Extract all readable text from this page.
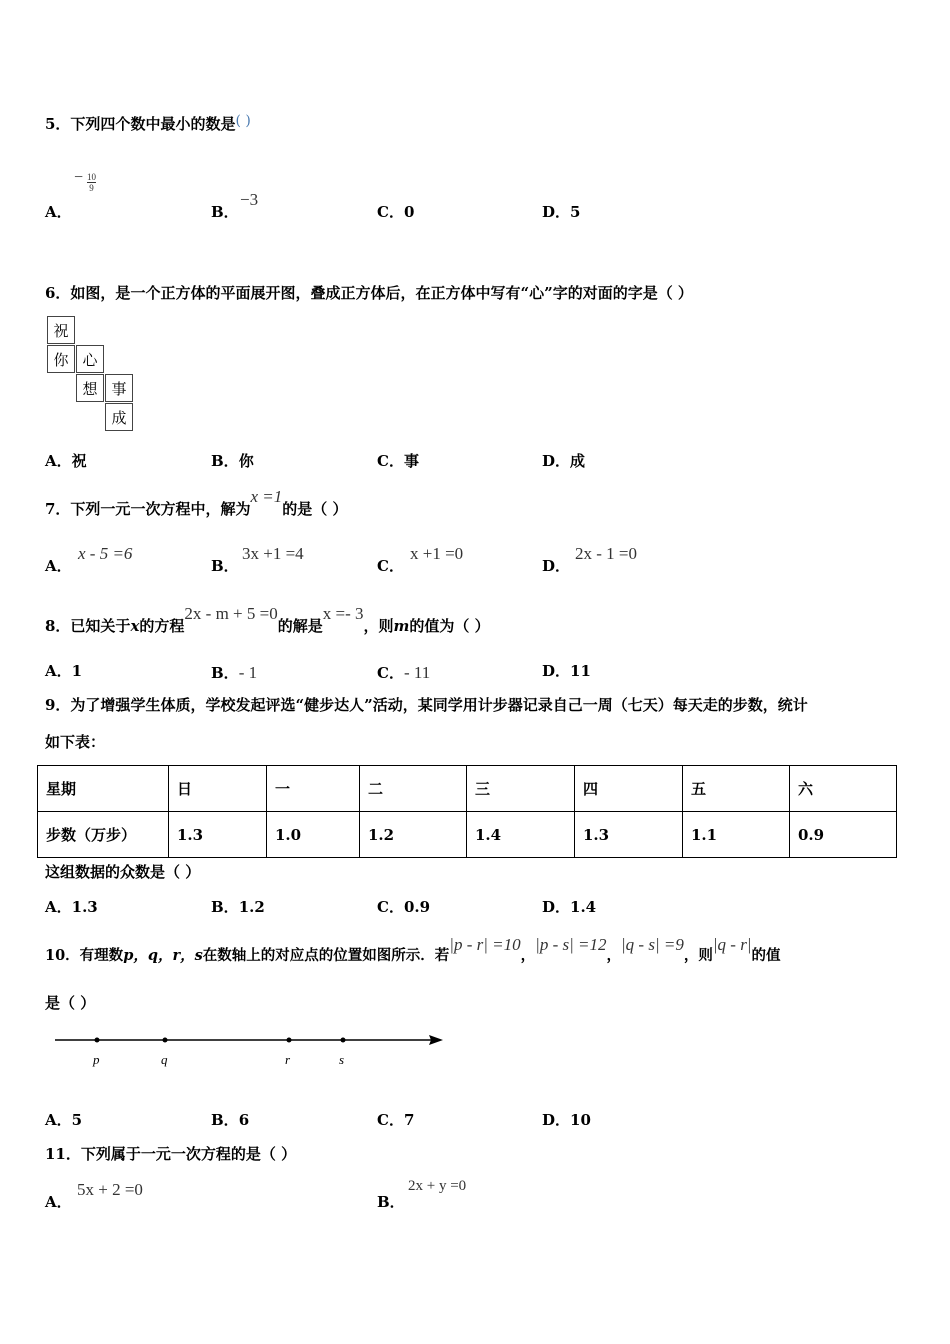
5．下列四个数中最小的数是( )
A．
− $\frac{10}{9}$
B．
−3
C．0	D．5
6．如图，是一个正方体的平面展开图，叠成正方体后，在正方体中写有“心”字的对面的字是（ ）
祝
你 心
想 事
成
A．祝	B．你	C．事	D．成
7．下列一元一次方程中，解为x =1的是（ ）
A．
x - 5 =6
B．
3x +1 =4
C．
x +1 =0
D．
2x - 1 =0
8．已知关于x的方程2x - m + 5 =0的解是x =- 3，则m的值为（ ）
A．1	B．- 1	C．- 11	D．11
9．为了增强学生体质，学校发起评选“健步达人”活动，某同学用计步器记录自己一周（七天）每天走的步数，统计
如下表：
星期	日	一	二	三	四	五	六
步数（万步）	1.3	1.0	1.2	1.4	1.3	1.1	0.9
这组数据的众数是（ ）
A．1.3	B．1.2	C．0.9	D．1.4
10．有理数p，q，r，s在数轴上的对应点的位置如图所示．若|p - r| =10，|p - s| =12，|q - s| =9，则|q - r|的值
是（ ）
p	q	r	s
A．5	B．6	C．7	D．10
11．下列属于一元一次方程的是（ ）
A．
5x + 2 =0
B．
2x + y =0
